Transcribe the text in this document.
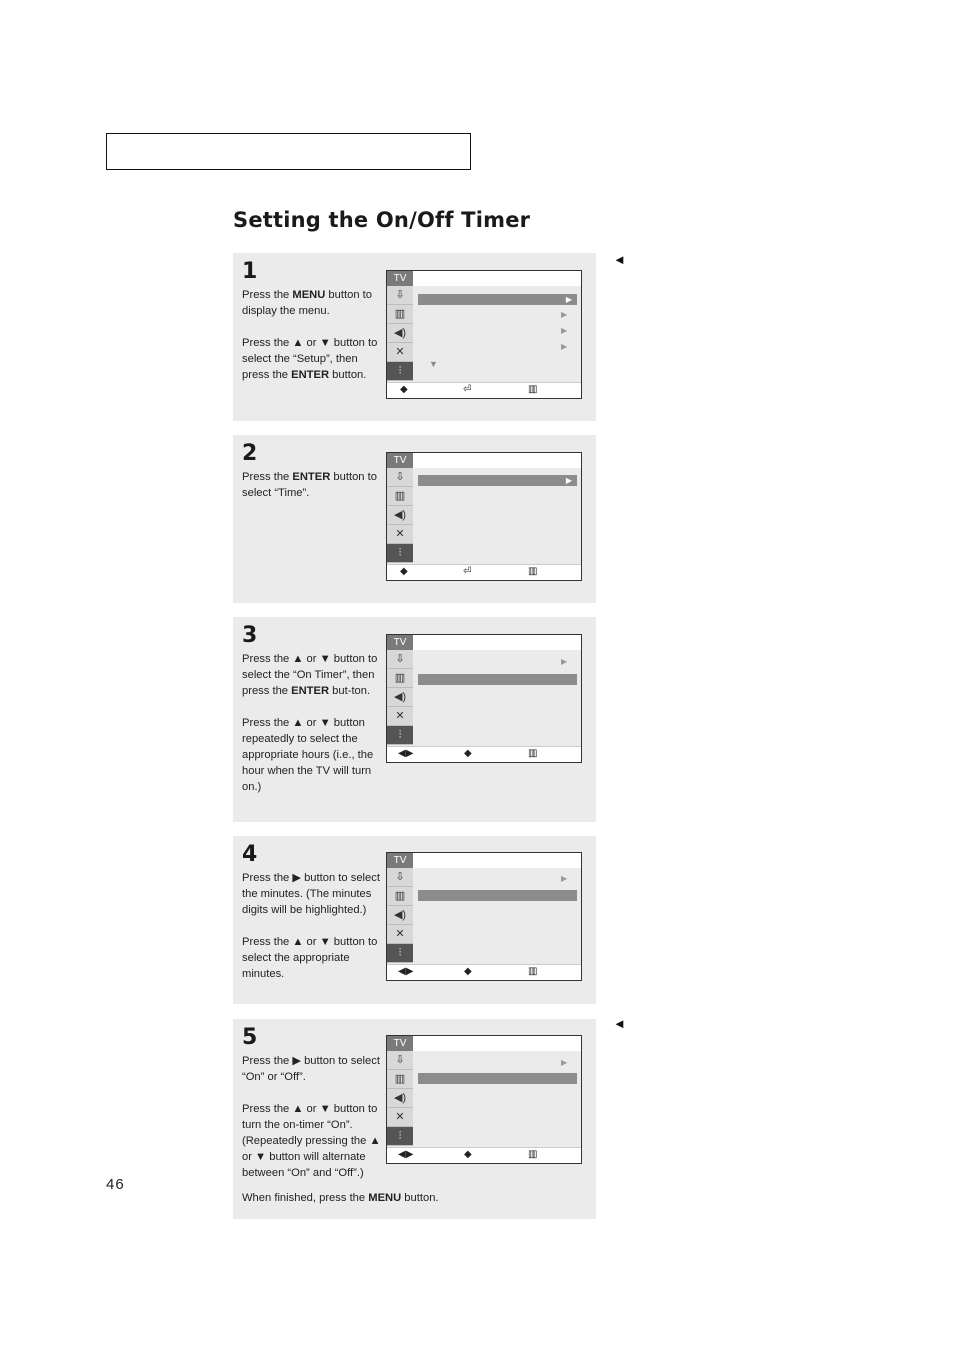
Setting the On/Off Timer
◄
◄
1

Press the MENU button to display the menu.

Press the ▲ or ▼ button to select the “Setup”, then press the ENTER button.

TV
⇩
▥
◀)
✕
⫶
▶
▶
▶
▶
▼
◆	⏎	▥
2

Press the ENTER button to select “Time”.

TV
⇩
▥
◀)
✕
⫶
▶
◆	⏎	▥
3

Press the ▲ or ▼ button to select the “On Timer”, then press the ENTER but-ton.

Press the ▲ or ▼ button repeatedly to select the appropriate hours (i.e., the hour when the TV will turn on.)

TV
⇩
▥
◀)
✕
⫶
▶
◀▶	◆	▥
4

Press the ▶ button to select the minutes. (The minutes digits will be highlighted.)

Press the ▲ or ▼ button to select the appropriate minutes.

TV
⇩
▥
◀)
✕
⫶
▶
◀▶	◆	▥
5

Press the ▶ button to select “On” or “Off”.

Press the ▲ or ▼ button to turn the on-timer “On”. (Repeatedly pressing the ▲ or ▼ button will alternate between “On” and “Off”.)

When finished, press the MENU button.
TV
⇩
▥
◀)
✕
⫶
▶
◀▶	◆	▥
46
